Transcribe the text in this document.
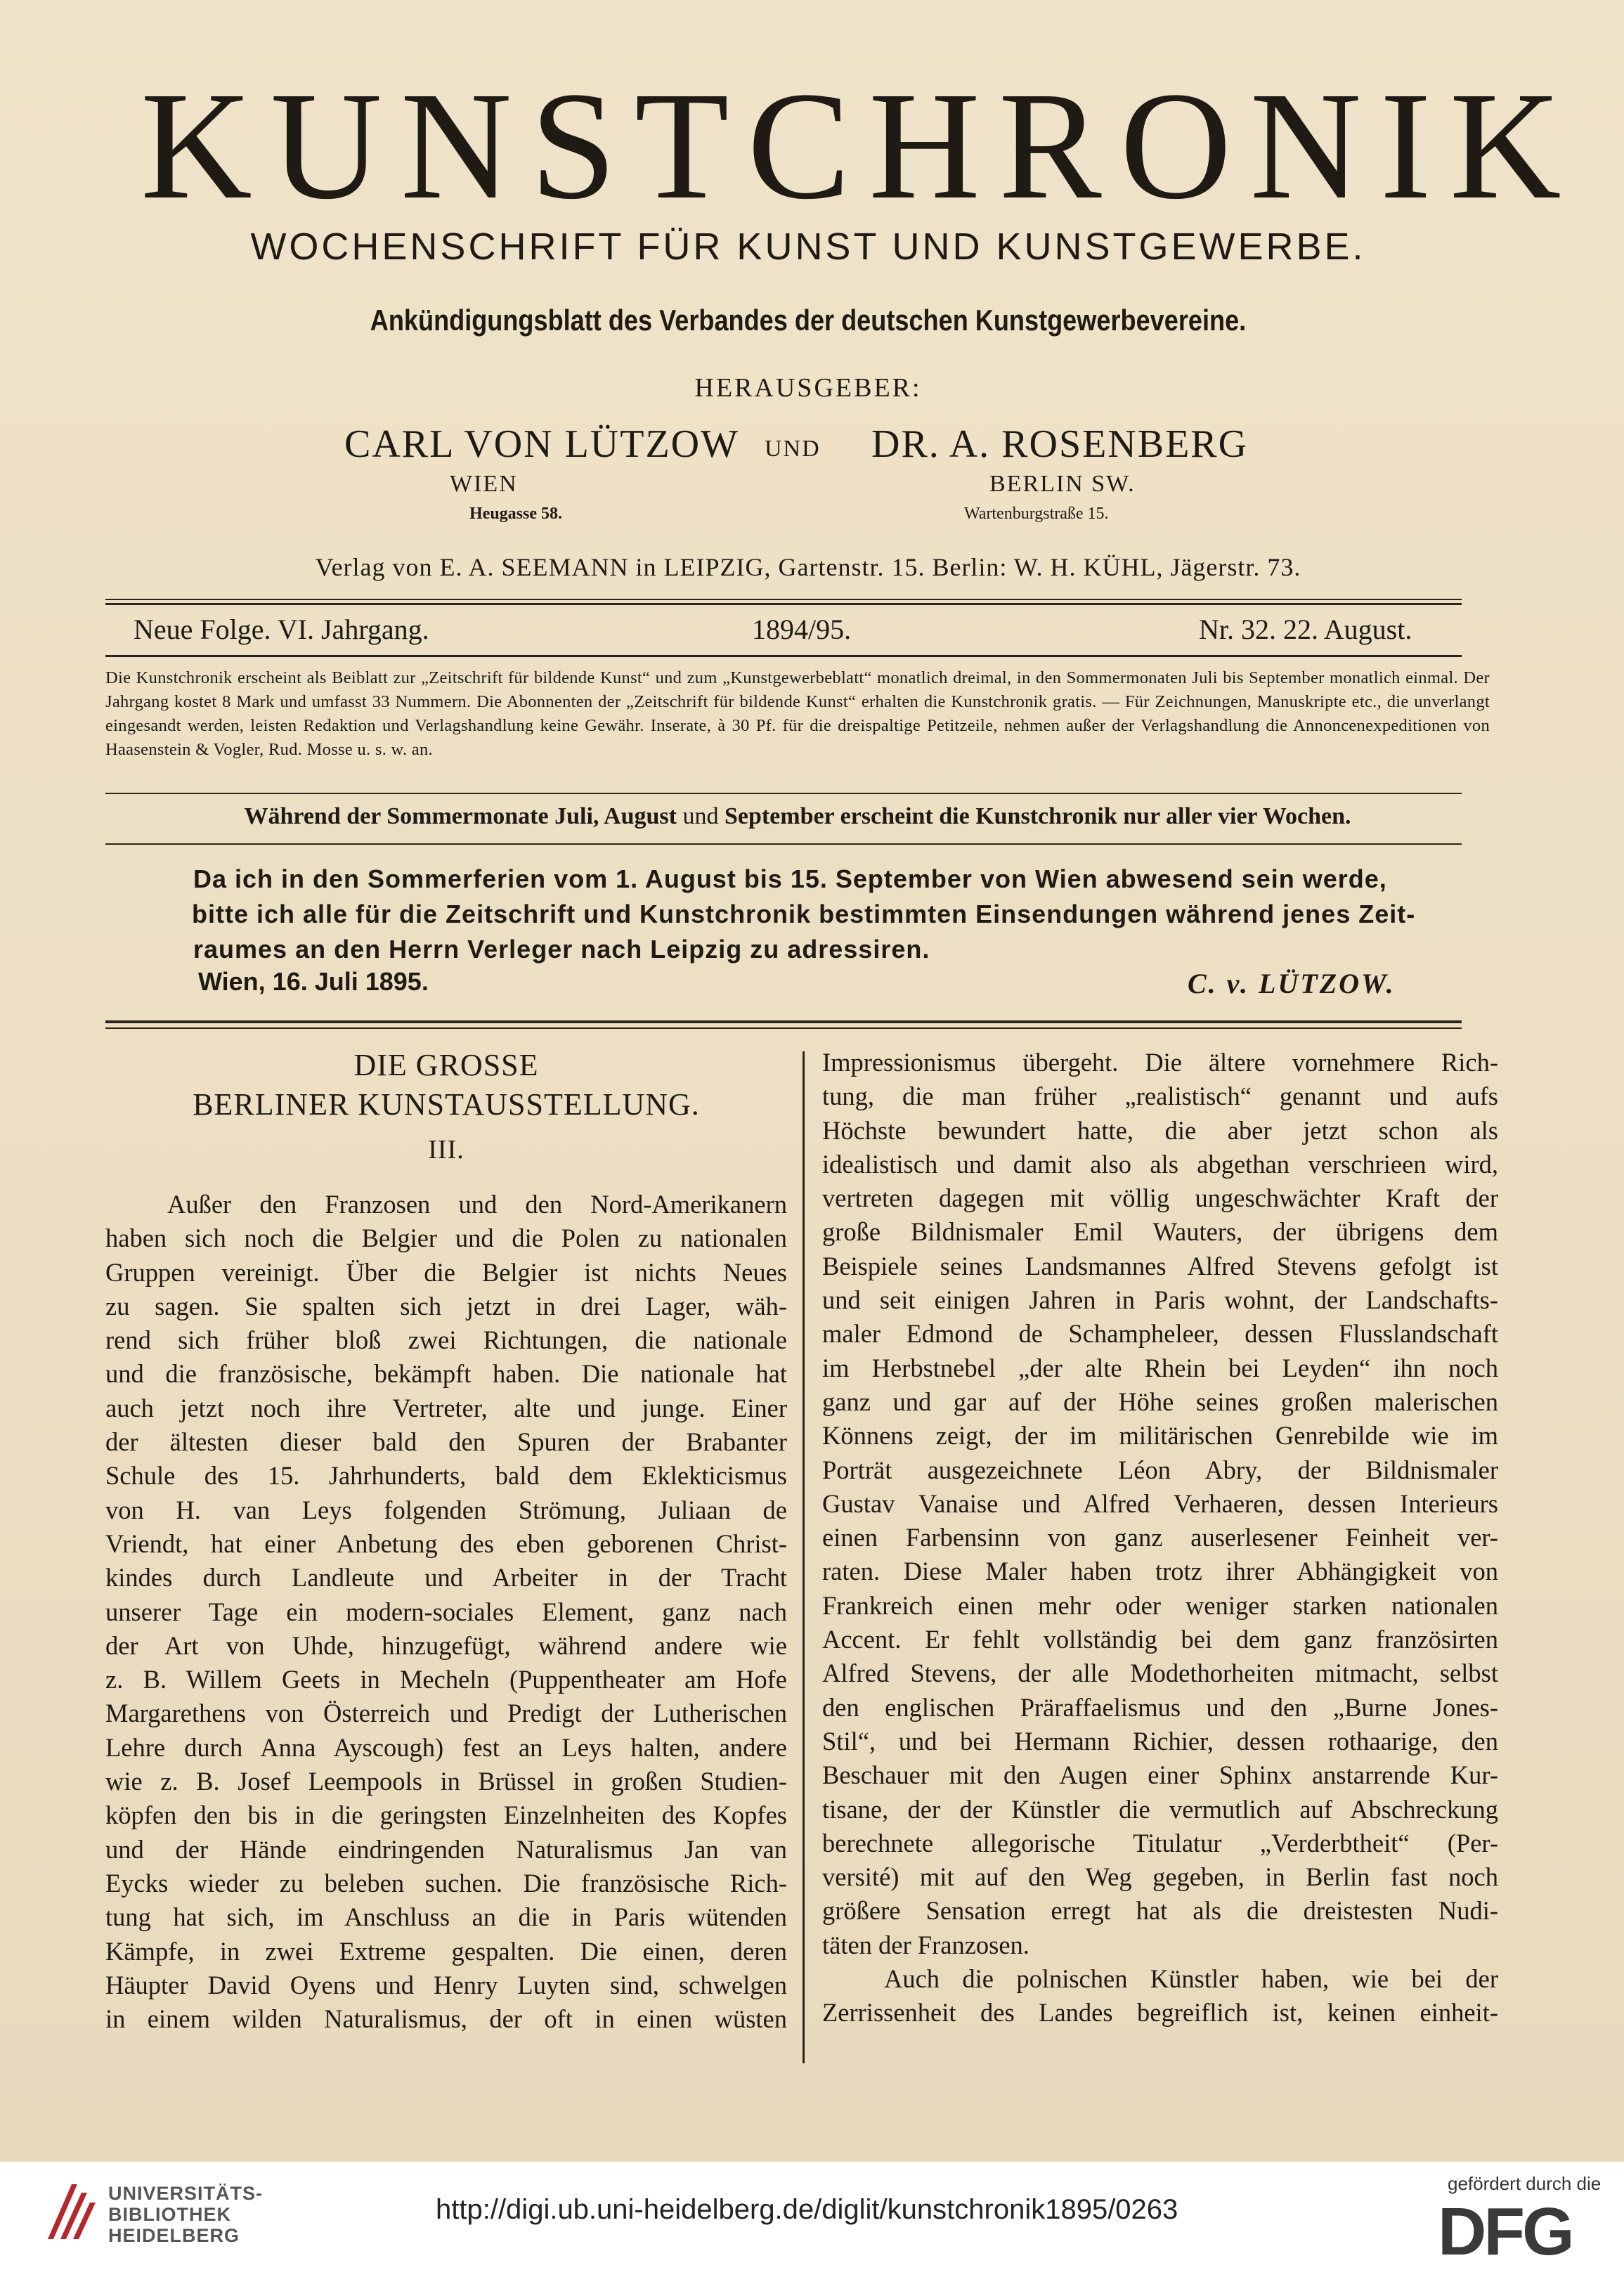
KUNSTCHRONIK
WOCHENSCHRIFT FÜR KUNST UND KUNSTGEWERBE.
Ankündigungsblatt des Verbandes der deutschen Kunstgewerbevereine.
HERAUSGEBER:
CARL VON LÜTZOW UND DR. A. ROSENBERG
WIEN	BERLIN SW.
Heugasse 58.	Wartenburgstraße 15.
Verlag von E. A. SEEMANN in LEIPZIG, Gartenstr. 15. Berlin: W. H. KÜHL, Jägerstr. 73.
Neue Folge. VI. Jahrgang.	1894/95.	Nr. 32. 22. August.
Die Kunstchronik erscheint als Beiblatt zur „Zeitschrift für bildende Kunst“ und zum „Kunstgewerbeblatt“ monatlich dreimal, in den Sommermonaten Juli bis September monatlich einmal. Der Jahrgang kostet 8 Mark und umfasst 33 Nummern. Die Abonnenten der „Zeitschrift für bildende Kunst“ erhalten die Kunstchronik gratis. — Für Zeichnungen, Manuskripte etc., die unverlangt eingesandt werden, leisten Redaktion und Verlagshandlung keine Gewähr. Inserate, à 30 Pf. für die dreispaltige Petitzeile, nehmen außer der Verlagshandlung die Annoncenexpeditionen von Haasenstein & Vogler, Rud. Mosse u. s. w. an.
Während der Sommermonate Juli, August und September erscheint die Kunstchronik nur aller vier Wochen.
Da ich in den Sommerferien vom 1. August bis 15. September von Wien abwesend sein werde,
bitte ich alle für die Zeitschrift und Kunstchronik bestimmten Einsendungen während jenes Zeit-
raumes an den Herrn Verleger nach Leipzig zu adressiren.
Wien, 16. Juli 1895.	C. v. LÜTZOW.
DIE GROSSE
BERLINER KUNSTAUSSTELLUNG.
III.
Außer den Franzosen und den Nord-Amerikanern
haben sich noch die Belgier und die Polen zu nationalen
Gruppen vereinigt. Über die Belgier ist nichts Neues
zu sagen. Sie spalten sich jetzt in drei Lager, wäh-
rend sich früher bloß zwei Richtungen, die nationale
und die französische, bekämpft haben. Die nationale hat
auch jetzt noch ihre Vertreter, alte und junge. Einer
der ältesten dieser bald den Spuren der Brabanter
Schule des 15. Jahrhunderts, bald dem Eklekticismus
von H. van Leys folgenden Strömung, Juliaan de
Vriendt, hat einer Anbetung des eben geborenen Christ-
kindes durch Landleute und Arbeiter in der Tracht
unserer Tage ein modern-sociales Element, ganz nach
der Art von Uhde, hinzugefügt, während andere wie
z. B. Willem Geets in Mecheln (Puppentheater am Hofe
Margarethens von Österreich und Predigt der Lutherischen
Lehre durch Anna Ayscough) fest an Leys halten, andere
wie z. B. Josef Leempools in Brüssel in großen Studien-
köpfen den bis in die geringsten Einzelnheiten des Kopfes
und der Hände eindringenden Naturalismus Jan van
Eycks wieder zu beleben suchen. Die französische Rich-
tung hat sich, im Anschluss an die in Paris wütenden
Kämpfe, in zwei Extreme gespalten. Die einen, deren
Häupter David Oyens und Henry Luyten sind, schwelgen
in einem wilden Naturalismus, der oft in einen wüsten
Impressionismus übergeht. Die ältere vornehmere Rich-
tung, die man früher „realistisch“ genannt und aufs
Höchste bewundert hatte, die aber jetzt schon als
idealistisch und damit also als abgethan verschrieen wird,
vertreten dagegen mit völlig ungeschwächter Kraft der
große Bildnismaler Emil Wauters, der übrigens dem
Beispiele seines Landsmannes Alfred Stevens gefolgt ist
und seit einigen Jahren in Paris wohnt, der Landschafts-
maler Edmond de Schampheleer, dessen Flusslandschaft
im Herbstnebel „der alte Rhein bei Leyden“ ihn noch
ganz und gar auf der Höhe seines großen malerischen
Könnens zeigt, der im militärischen Genrebilde wie im
Porträt ausgezeichnete Léon Abry, der Bildnismaler
Gustav Vanaise und Alfred Verhaeren, dessen Interieurs
einen Farbensinn von ganz auserlesener Feinheit ver-
raten. Diese Maler haben trotz ihrer Abhängigkeit von
Frankreich einen mehr oder weniger starken nationalen
Accent. Er fehlt vollständig bei dem ganz französirten
Alfred Stevens, der alle Modethorheiten mitmacht, selbst
den englischen Präraffaelismus und den „Burne Jones-
Stil“, und bei Hermann Richier, dessen rothaarige, den
Beschauer mit den Augen einer Sphinx anstarrende Kur-
tisane, der der Künstler die vermutlich auf Abschreckung
berechnete allegorische Titulatur „Verderbtheit“ (Per-
versité) mit auf den Weg gegeben, in Berlin fast noch
größere Sensation erregt hat als die dreistesten Nudi-
täten der Franzosen.
Auch die polnischen Künstler haben, wie bei der
Zerrissenheit des Landes begreiflich ist, keinen einheit-
UNIVERSITÄTS-
BIBLIOTHEK
HEIDELBERG
http://digi.ub.uni-heidelberg.de/diglit/kunstchronik1895/0263
gefördert durch die
DFG
